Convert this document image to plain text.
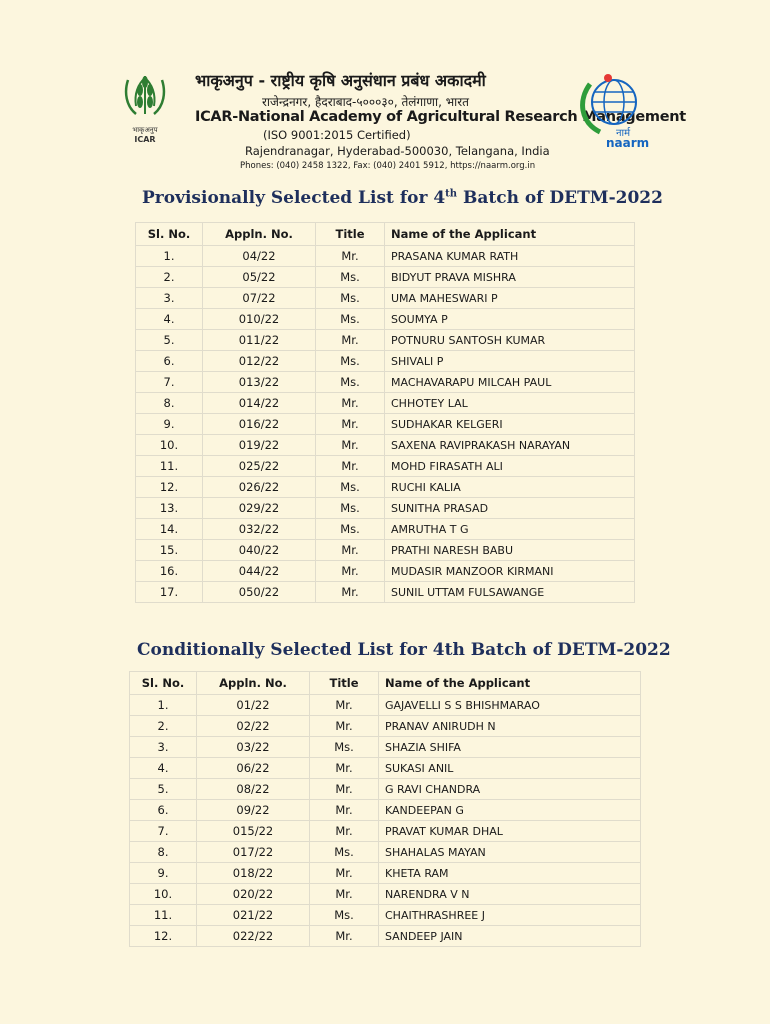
भाकृअनुप
ICAR
भाकृअनुप - राष्ट्रीय कृषि अनुसंधान प्रबंध अकादमी
राजेन्द्रनगर, हैदराबाद-५०००३०, तेलंगाणा, भारत
ICAR-National Academy of Agricultural Research Management
(ISO 9001:2015 Certified)
Rajendranagar, Hyderabad-500030, Telangana, India
Phones: (040) 2458 1322, Fax: (040) 2401 5912, https://naarm.org.in
नार्म
naarm
Provisionally Selected List for 4th Batch of DETM-2022
Sl. No.	Appln. No.	Title	Name of the Applicant
1.	04/22	Mr.	PRASANA KUMAR RATH
2.	05/22	Ms.	BIDYUT PRAVA MISHRA
3.	07/22	Ms.	UMA MAHESWARI P
4.	010/22	Ms.	SOUMYA P
5.	011/22	Mr.	POTNURU SANTOSH KUMAR
6.	012/22	Ms.	SHIVALI P
7.	013/22	Ms.	MACHAVARAPU MILCAH PAUL
8.	014/22	Mr.	CHHOTEY LAL
9.	016/22	Mr.	SUDHAKAR KELGERI
10.	019/22	Mr.	SAXENA RAVIPRAKASH NARAYAN
11.	025/22	Mr.	MOHD FIRASATH ALI
12.	026/22	Ms.	RUCHI KALIA
13.	029/22	Ms.	SUNITHA PRASAD
14.	032/22	Ms.	AMRUTHA T G
15.	040/22	Mr.	PRATHI NARESH BABU
16.	044/22	Mr.	MUDASIR MANZOOR KIRMANI
17.	050/22	Mr.	SUNIL UTTAM FULSAWANGE
Conditionally Selected List for 4th Batch of DETM-2022
Sl. No.	Appln. No.	Title	Name of the Applicant
1.	01/22	Mr.	GAJAVELLI S S BHISHMARAO
2.	02/22	Mr.	PRANAV ANIRUDH N
3.	03/22	Ms.	SHAZIA SHIFA
4.	06/22	Mr.	SUKASI ANIL
5.	08/22	Mr.	G RAVI CHANDRA
6.	09/22	Mr.	KANDEEPAN G
7.	015/22	Mr.	PRAVAT KUMAR DHAL
8.	017/22	Ms.	SHAHALAS MAYAN
9.	018/22	Mr.	KHETA RAM
10.	020/22	Mr.	NARENDRA V N
11.	021/22	Ms.	CHAITHRASHREE J
12.	022/22	Mr.	SANDEEP JAIN
